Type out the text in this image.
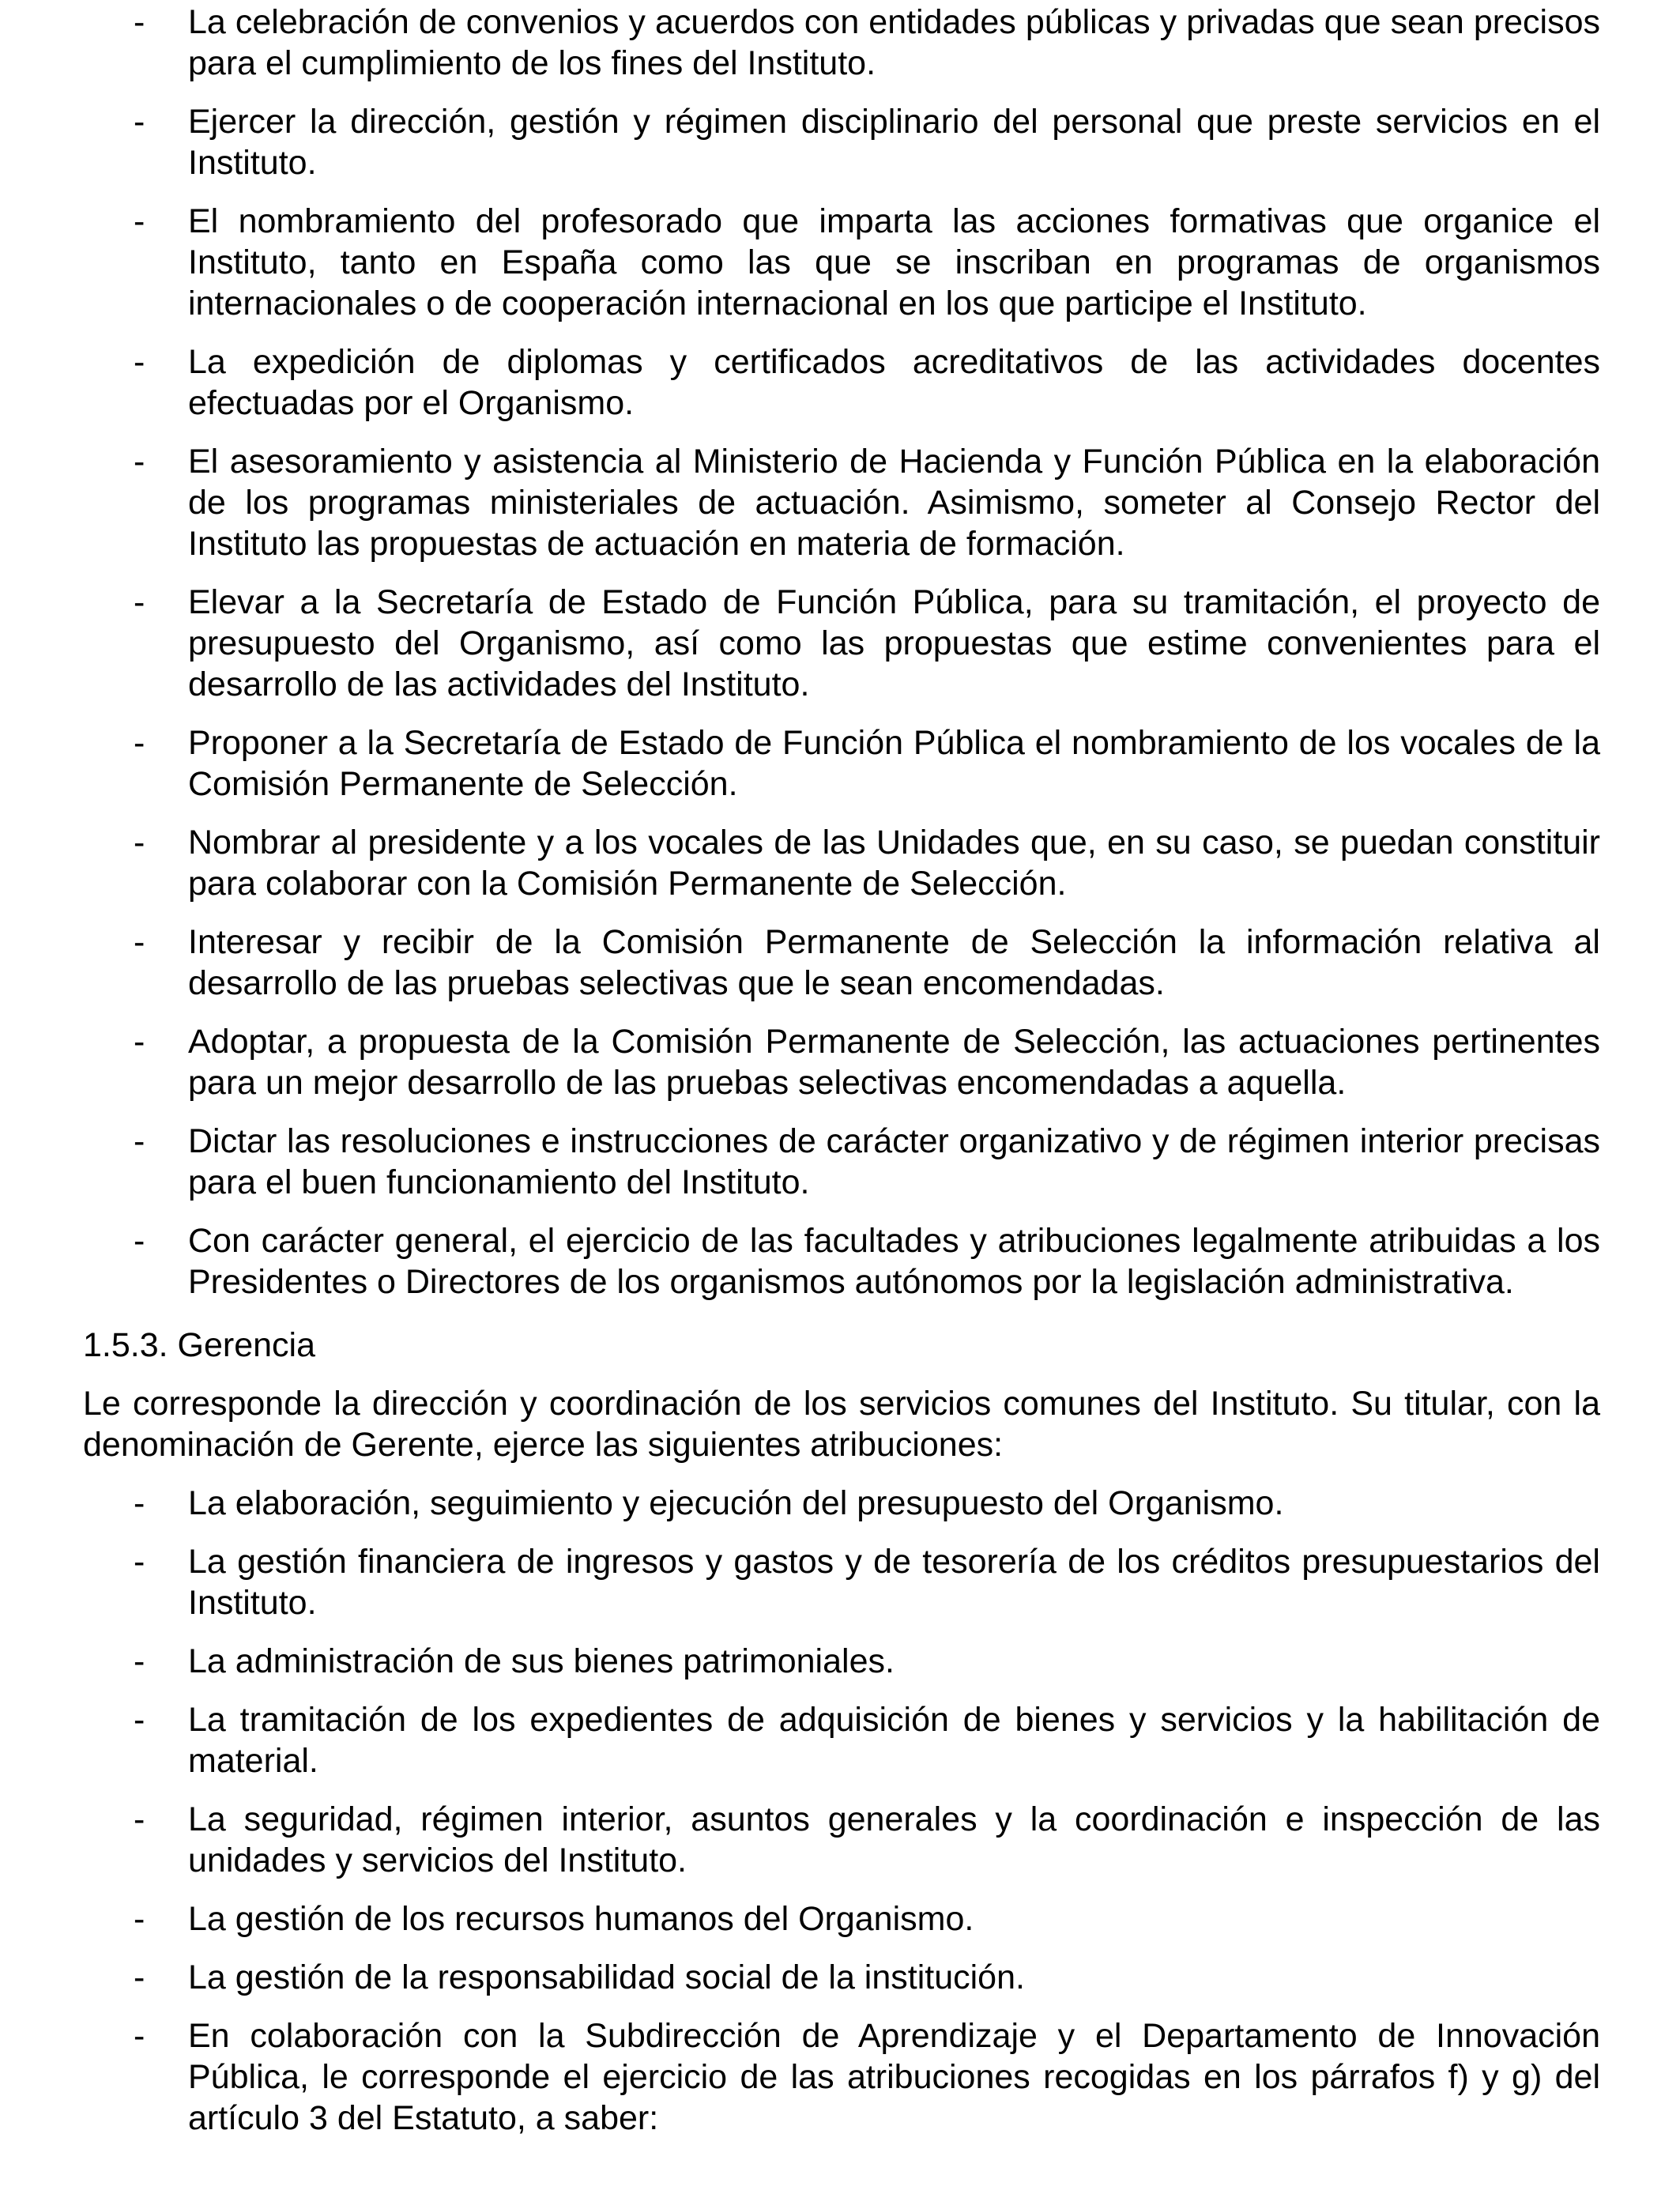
- La celebración de convenios y acuerdos con entidades públicas y privadas que sean precisos para el cumplimiento de los fines del Instituto.
- Ejercer la dirección, gestión y régimen disciplinario del personal que preste servicios en el Instituto.
- El nombramiento del profesorado que imparta las acciones formativas que organice el Instituto, tanto en España como las que se inscriban en programas de organismos internacionales o de cooperación internacional en los que participe el Instituto.
- La expedición de diplomas y certificados acreditativos de las actividades docentes efectuadas por el Organismo.
- El asesoramiento y asistencia al Ministerio de Hacienda y Función Pública en la elaboración de los programas ministeriales de actuación. Asimismo, someter al Consejo Rector del Instituto las propuestas de actuación en materia de formación.
- Elevar a la Secretaría de Estado de Función Pública, para su tramitación, el proyecto de presupuesto del Organismo, así como las propuestas que estime convenientes para el desarrollo de las actividades del Instituto.
- Proponer a la Secretaría de Estado de Función Pública el nombramiento de los vocales de la Comisión Permanente de Selección.
- Nombrar al presidente y a los vocales de las Unidades que, en su caso, se puedan constituir para colaborar con la Comisión Permanente de Selección.
- Interesar y recibir de la Comisión Permanente de Selección la información relativa al desarrollo de las pruebas selectivas que le sean encomendadas.
- Adoptar, a propuesta de la Comisión Permanente de Selección, las actuaciones pertinentes para un mejor desarrollo de las pruebas selectivas encomendadas a aquella.
- Dictar las resoluciones e instrucciones de carácter organizativo y de régimen interior precisas para el buen funcionamiento del Instituto.
- Con carácter general, el ejercicio de las facultades y atribuciones legalmente atribuidas a los Presidentes o Directores de los organismos autónomos por la legislación administrativa.
1.5.3. Gerencia

Le corresponde la dirección y coordinación de los servicios comunes del Instituto. Su titular, con la denominación de Gerente, ejerce las siguientes atribuciones:

- La elaboración, seguimiento y ejecución del presupuesto del Organismo.
- La gestión financiera de ingresos y gastos y de tesorería de los créditos presupuestarios del Instituto.
- La administración de sus bienes patrimoniales.
- La tramitación de los expedientes de adquisición de bienes y servicios y la habilitación de material.
- La seguridad, régimen interior, asuntos generales y la coordinación e inspección de las unidades y servicios del Instituto.
- La gestión de los recursos humanos del Organismo.
- La gestión de la responsabilidad social de la institución.
- En colaboración con la Subdirección de Aprendizaje y el Departamento de Innovación Pública, le corresponde el ejercicio de las atribuciones recogidas en los párrafos f) y g) del artículo 3 del Estatuto, a saber:
